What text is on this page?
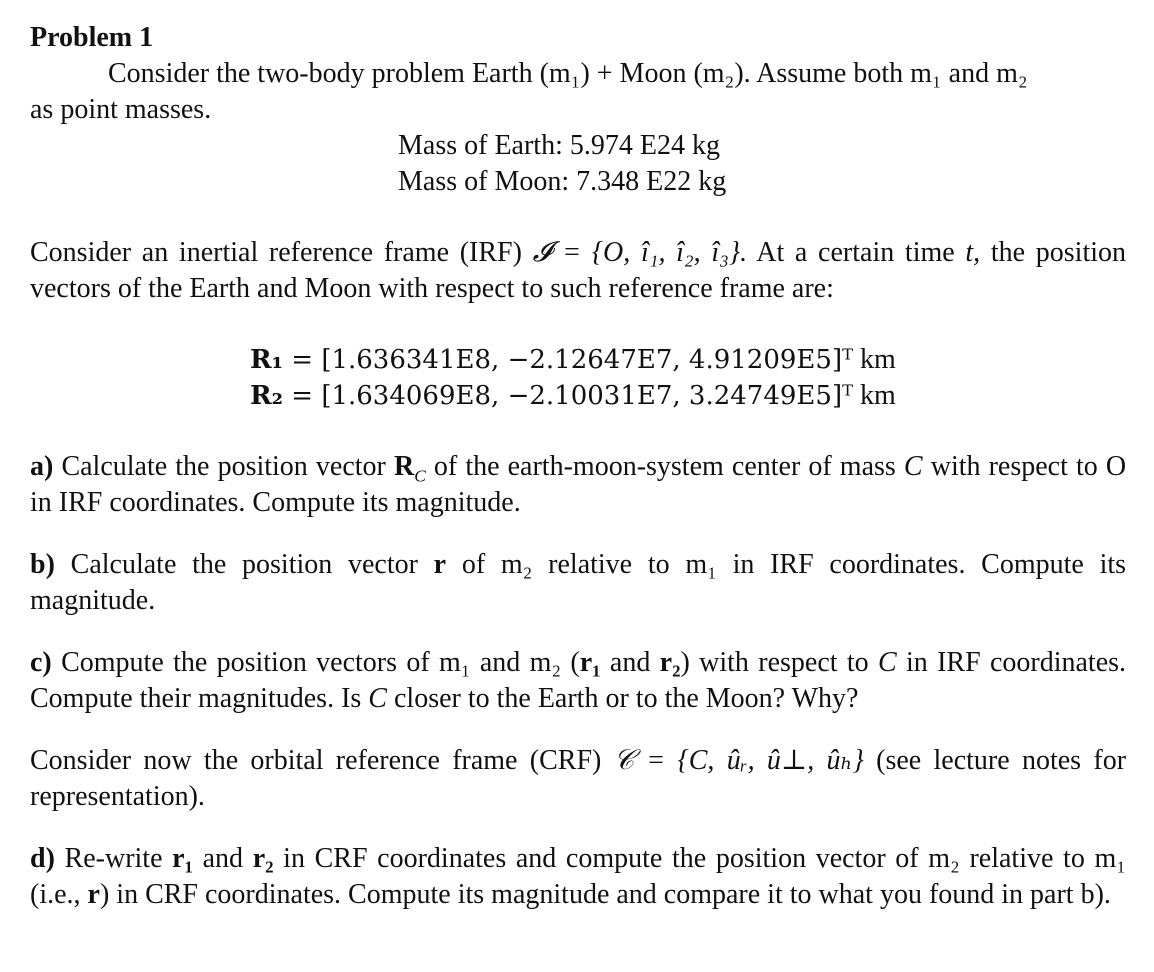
Problem 1

Consider the two-body problem Earth (m₁) + Moon (m₂). Assume both m₁ and m₂
as point masses.

Mass of Earth: 5.974 E24 kg
Mass of Moon: 7.348 E22 kg

Consider an inertial reference frame (IRF) 𝓘 = {O, î₁, î₂, î₃}. At a certain time t, the position vectors of the Earth and Moon with respect to such reference frame are:

R₁ = [1.636341E8, −2.12647E7, 4.91209E5]ᵀ km
R₂ = [1.634069E8, −2.10031E7, 3.24749E5]ᵀ km

a) Calculate the position vector $R_C$ of the earth-moon-system center of mass C with respect to O in IRF coordinates. Compute its magnitude.

b) Calculate the position vector r of m₂ relative to m₁ in IRF coordinates. Compute its magnitude.

c) Compute the position vectors of m₁ and m₂ (r₁ and r₂) with respect to C in IRF coordinates. Compute their magnitudes. Is C closer to the Earth or to the Moon? Why?

Consider now the orbital reference frame (CRF) 𝒞 = {C, ûᵣ, û⊥, ûₕ} (see lecture notes for representation).

d) Re-write r₁ and r₂ in CRF coordinates and compute the position vector of m₂ relative to m₁ (i.e., r) in CRF coordinates. Compute its magnitude and compare it to what you found in part b).
